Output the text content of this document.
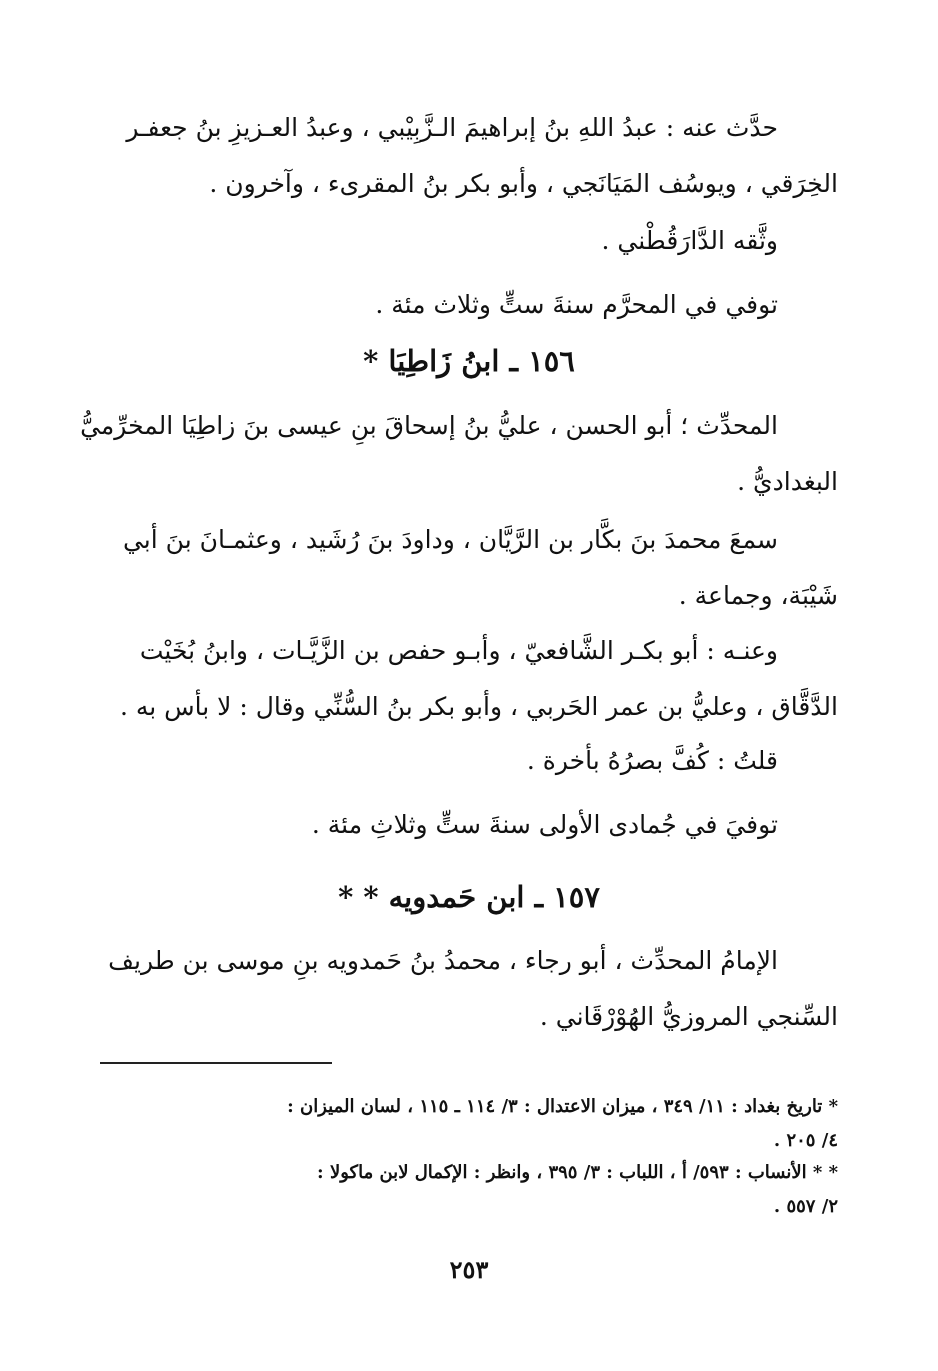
حدَّث عنه : عبدُ اللهِ بنُ إبراهيمَ الـزَّبِيْبي ، وعبدُ العـزيزِ بنُ جعفـر
الخِرَقي ، ويوسُف المَيَانَجي ، وأبو بكر بنُ المقرىء ، وآخرون .
وثَّقه الدَّارَقُطْني .
توفي في المحرَّم سنةَ ستٍّ وثلاث مئة .
١٥٦ ـ ابنُ زَاطِيَا *
المحدِّث ؛ أبو الحسن ، عليُّ بنُ إسحاقَ بنِ عيسى بنَ زاطِيَا المخرِّميُّ
البغداديُّ .
سمعَ محمدَ بنَ بكَّار بن الرَّيَّان ، وداودَ بنَ رُشَيد ، وعثمـانَ بنَ أبي
شَيْبَة، وجماعة .
وعنـه : أبو بكـر الشَّافعيّ ، وأبـو حفص بن الزَّيَّـات ، وابنُ بُخَيْت
الدَّقَّاق ، وعليُّ بن عمر الحَربي ، وأبو بكر بنُ السُّنِّي وقال : لا بأس به .
قلتُ : كُفَّ بصرُهُ بأخرة .
توفيَ في جُمادى الأولى سنةَ ستٍّ وثلاثِ مئة .
١٥٧ ـ ابن حَمدويه * *
الإمامُ المحدِّث ، أبو رجاء ، محمدُ بنُ حَمدويه بنِ موسى بن طريف
السِّنجي المروزيُّ الهُوْرْقَاني .
* تاريخ بغداد : ١١/ ٣٤٩ ، ميزان الاعتدال : ٣/ ١١٤ ـ ١١٥ ، لسان الميزان :
٤/ ٢٠٥ .
* * الأنساب : ٥٩٣/ أ ، اللباب : ٣/ ٣٩٥ ، وانظر : الإكمال لابن ماكولا :
٢/ ٥٥٧ .
٢٥٣
